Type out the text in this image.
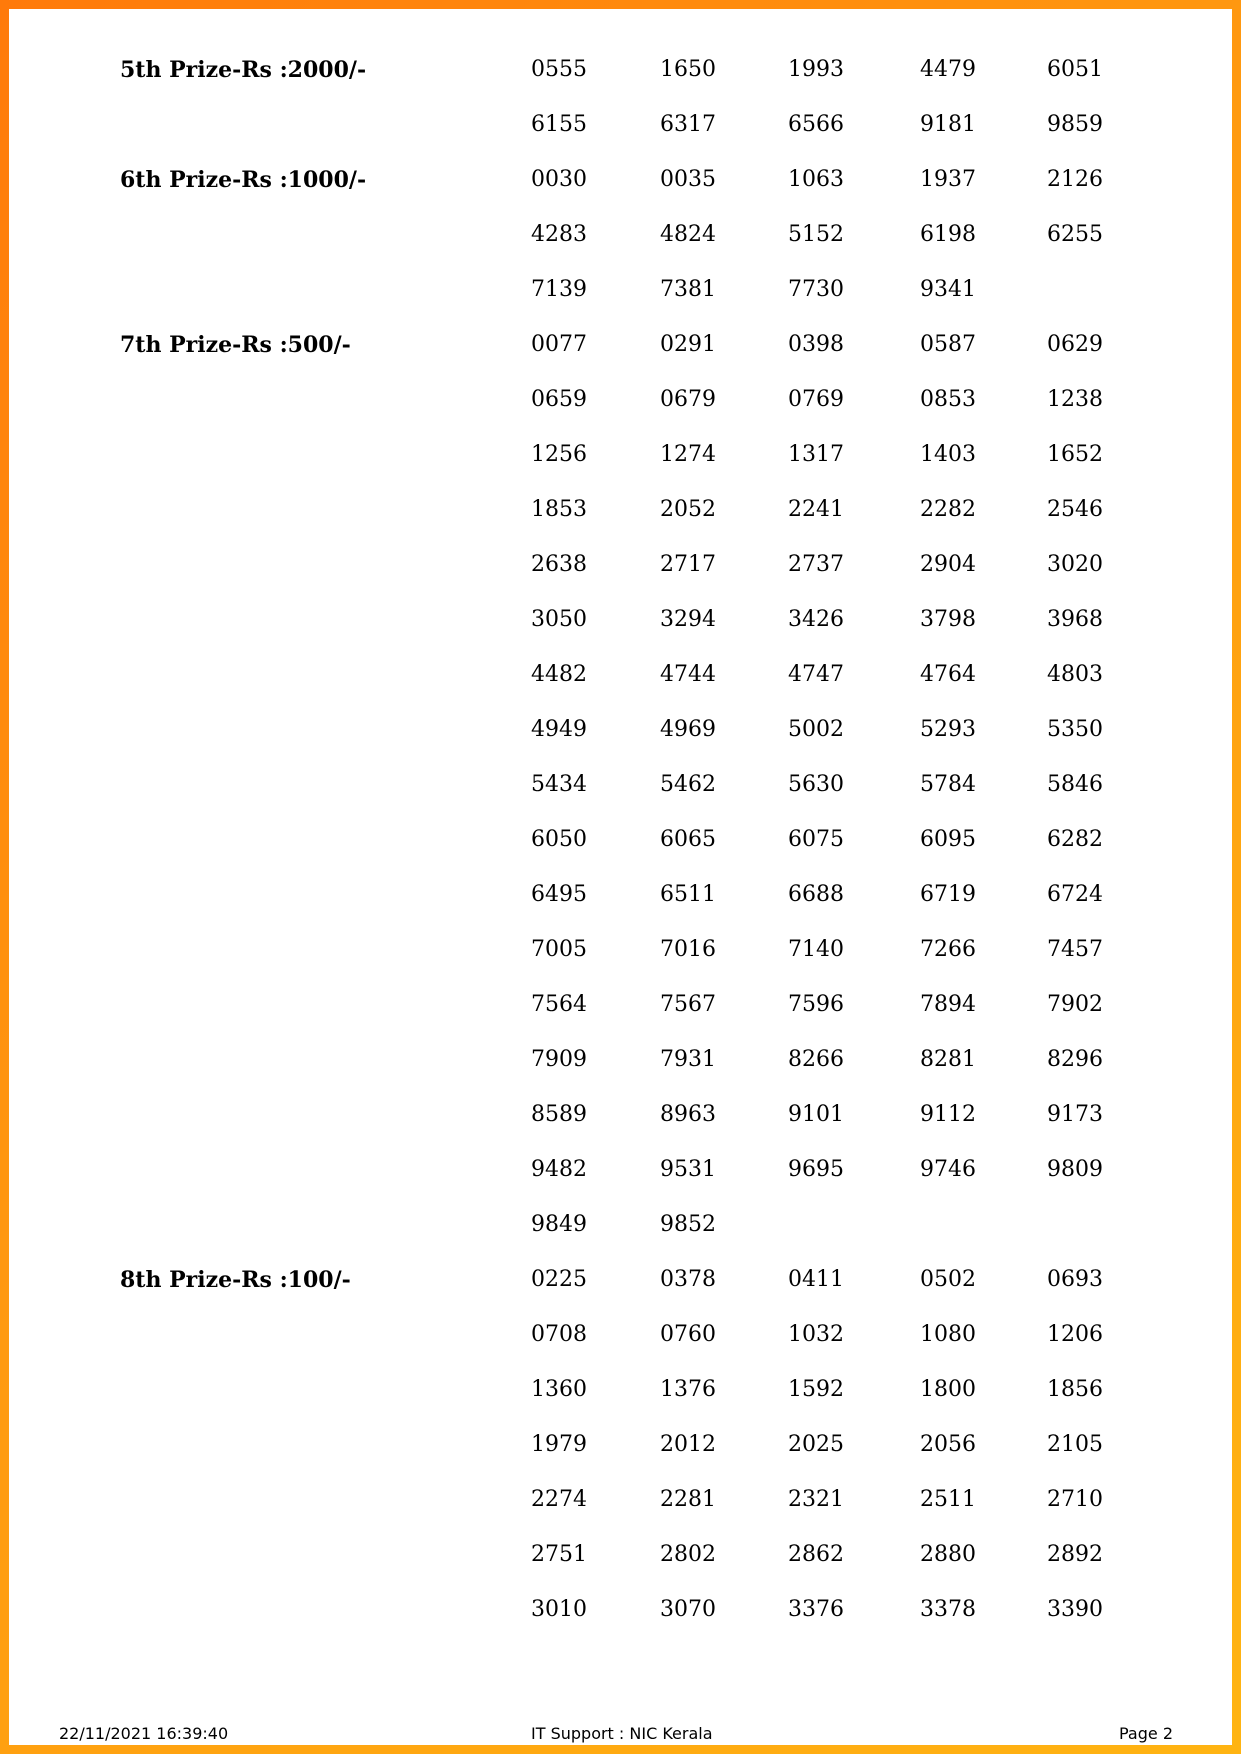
5th Prize-Rs :2000/-	0555	1650	1993	4479	6051
6155	6317	6566	9181	9859
6th Prize-Rs :1000/-	0030	0035	1063	1937	2126
4283	4824	5152	6198	6255
7139	7381	7730	9341
7th Prize-Rs :500/-	0077	0291	0398	0587	0629
0659	0679	0769	0853	1238
1256	1274	1317	1403	1652
1853	2052	2241	2282	2546
2638	2717	2737	2904	3020
3050	3294	3426	3798	3968
4482	4744	4747	4764	4803
4949	4969	5002	5293	5350
5434	5462	5630	5784	5846
6050	6065	6075	6095	6282
6495	6511	6688	6719	6724
7005	7016	7140	7266	7457
7564	7567	7596	7894	7902
7909	7931	8266	8281	8296
8589	8963	9101	9112	9173
9482	9531	9695	9746	9809
9849	9852
8th Prize-Rs :100/-	0225	0378	0411	0502	0693
0708	0760	1032	1080	1206
1360	1376	1592	1800	1856
1979	2012	2025	2056	2105
2274	2281	2321	2511	2710
2751	2802	2862	2880	2892
3010	3070	3376	3378	3390
22/11/2021 16:39:40	IT Support : NIC Kerala	Page 2
